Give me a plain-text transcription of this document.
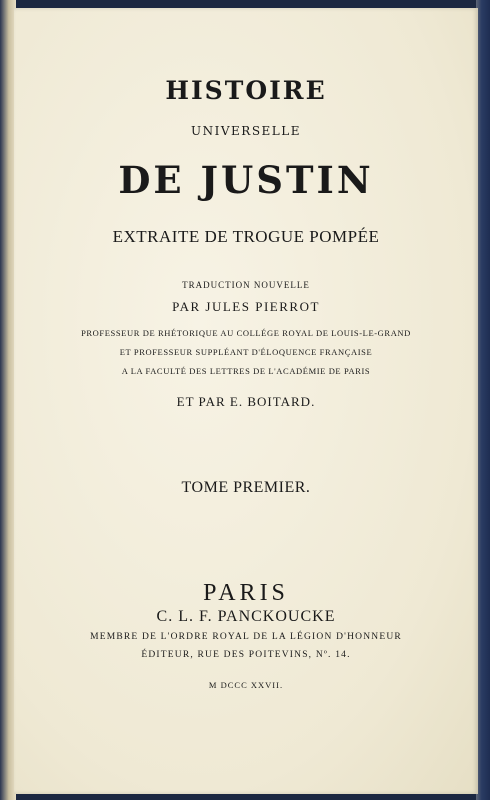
HISTOIRE
UNIVERSELLE
DE JUSTIN
EXTRAITE DE TROGUE POMPÉE
TRADUCTION NOUVELLE
PAR JULES PIERROT
PROFESSEUR DE RHÉTORIQUE AU COLLÉGE ROYAL DE LOUIS-LE-GRAND
ET PROFESSEUR SUPPLÉANT D'ÉLOQUENCE FRANÇAISE
A LA FACULTÉ DES LETTRES DE L'ACADÉMIE DE PARIS
ET PAR E. BOITARD.
TOME PREMIER.
PARIS
C. L. F. PANCKOUCKE
MEMBRE DE L'ORDRE ROYAL DE LA LÉGION D'HONNEUR
ÉDITEUR, RUE DES POITEVINS, Nº. 14.
M DCCC XXVII.
